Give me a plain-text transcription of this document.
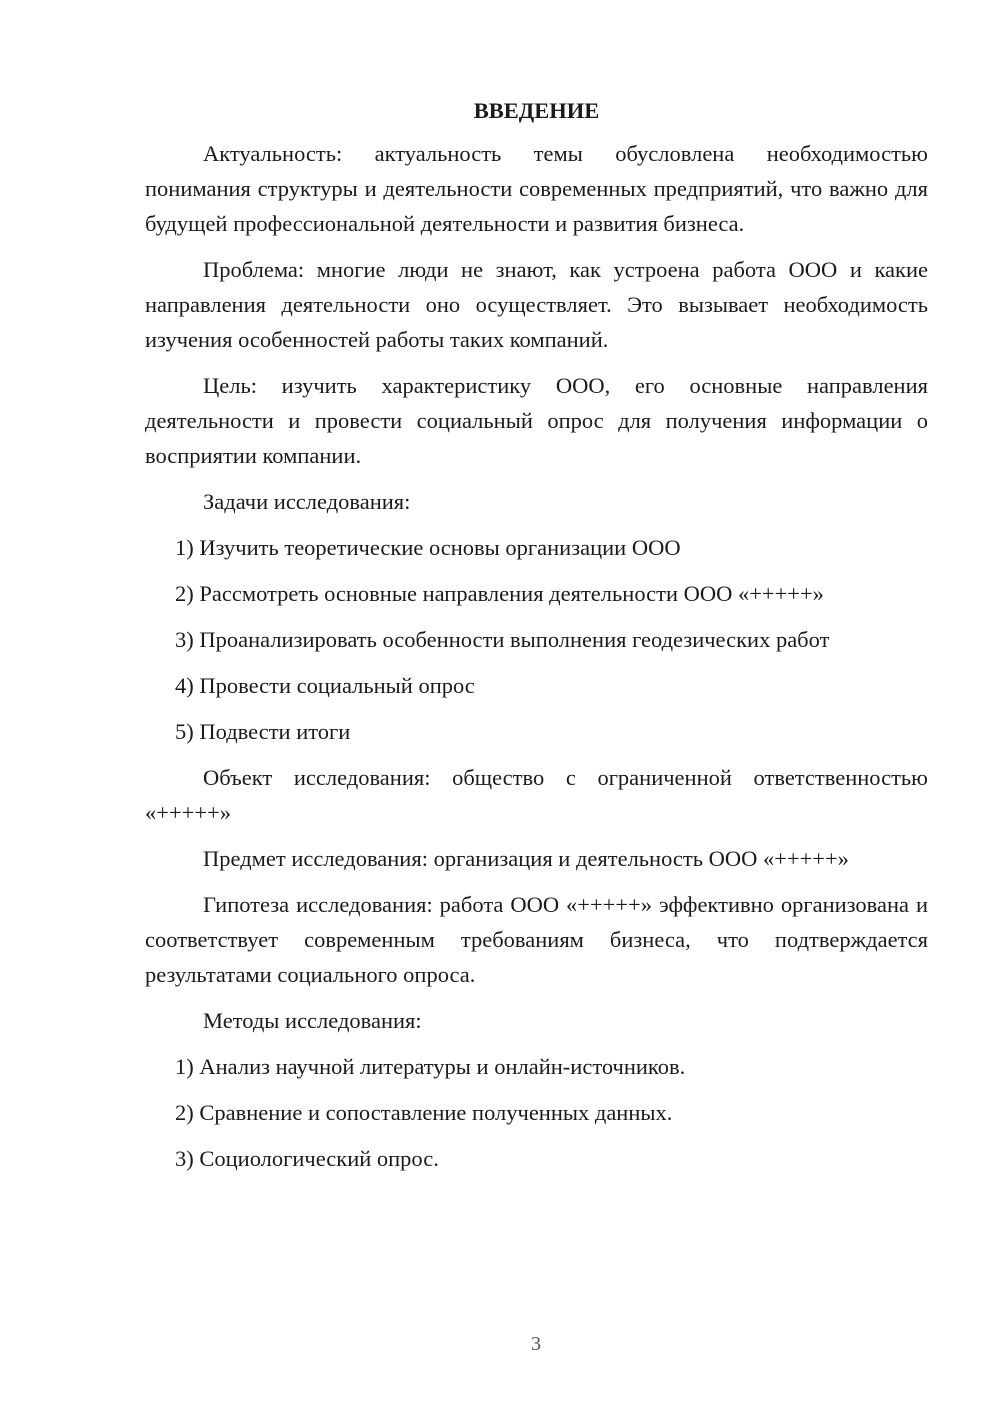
ВВЕДЕНИЕ

Актуальность: актуальность темы обусловлена необходимостью понимания структуры и деятельности современных предприятий, что важно для будущей профессиональной деятельности и развития бизнеса.

Проблема: многие люди не знают, как устроена работа ООО и какие направления деятельности оно осуществляет. Это вызывает необходимость изучения особенностей работы таких компаний.

Цель: изучить характеристику ООО, его основные направления деятельности и провести социальный опрос для получения информации о восприятии компании.

Задачи исследования:

1) Изучить теоретические основы организации ООО

2) Рассмотреть основные направления деятельности ООО «+++++»

3) Проанализировать особенности выполнения геодезических работ

4) Провести социальный опрос

5) Подвести итоги

Объект исследования: общество с ограниченной ответственностью «+++++»

Предмет исследования: организация и деятельность ООО «+++++»

Гипотеза исследования: работа ООО «+++++» эффективно организована и соответствует современным требованиям бизнеса, что подтверждается результатами социального опроса.

Методы исследования:

1) Анализ научной литературы и онлайн-источников.

2) Сравнение и сопоставление полученных данных.

3) Социологический опрос.

3
